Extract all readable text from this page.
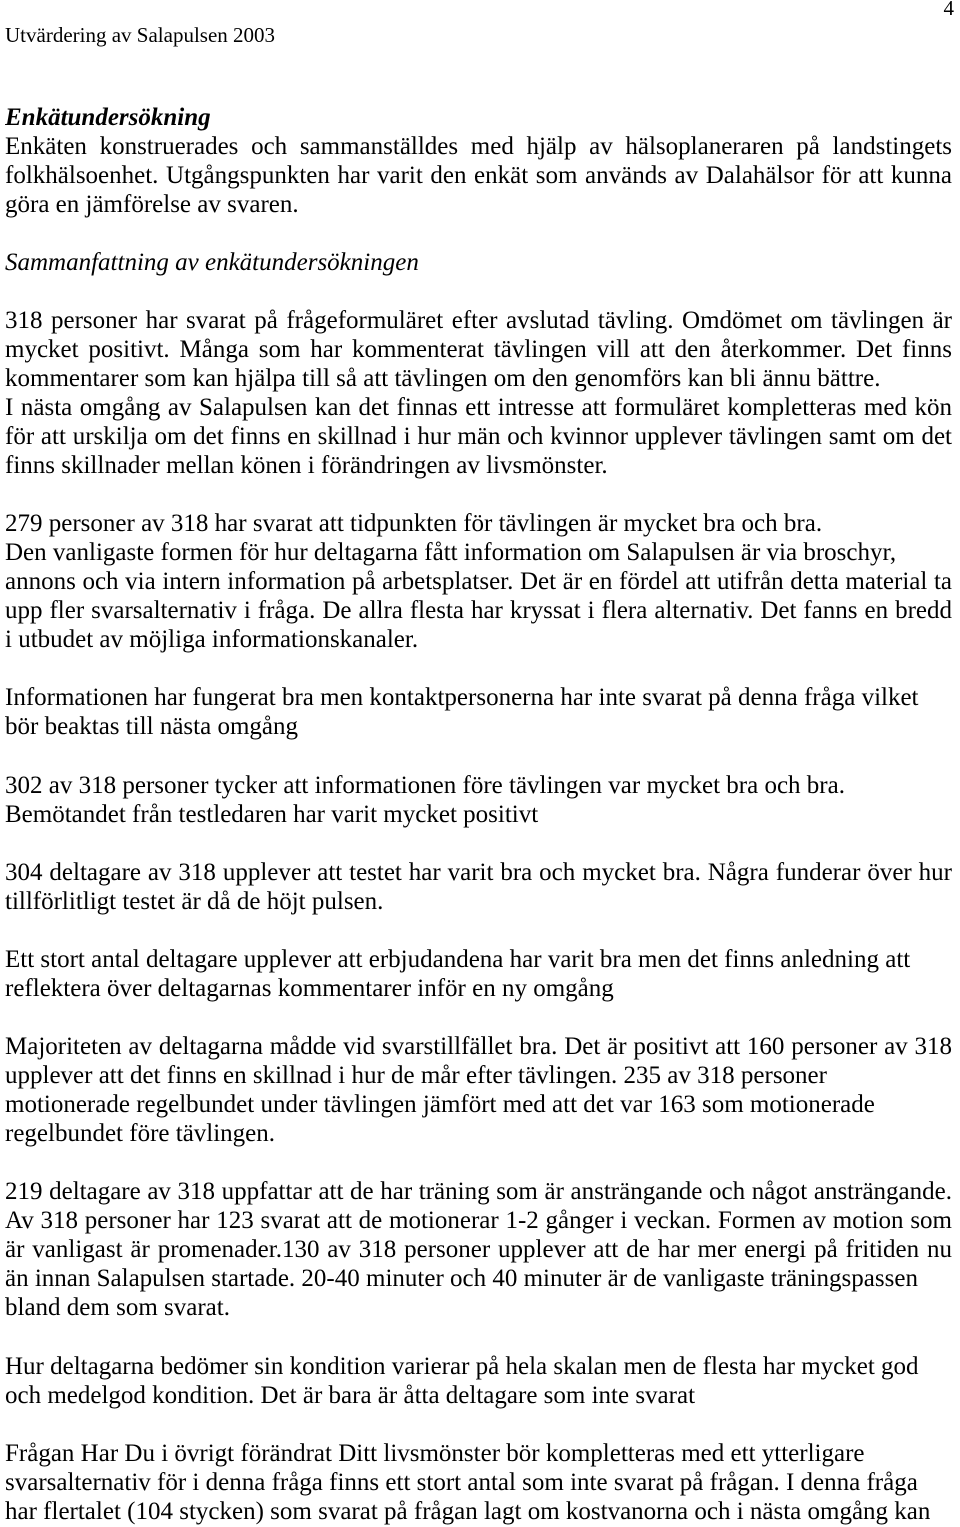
Utvärdering av Salapulsen 2003
4
Enkätundersökning
Enkäten konstruerades och sammanställdes med hjälp av hälsoplaneraren på landstingets
folkhälsoenhet. Utgångspunkten har varit den enkät som används av Dalahälsor för att kunna
göra en jämförelse av svaren.
Sammanfattning av enkätundersökningen
318 personer har svarat på frågeformuläret efter avslutad tävling. Omdömet om tävlingen är
mycket positivt. Många som har kommenterat tävlingen vill att den återkommer. Det finns
kommentarer som kan hjälpa till så att tävlingen om den genomförs kan bli ännu bättre.
I nästa omgång av Salapulsen kan det finnas ett intresse att formuläret kompletteras med kön
för att urskilja om det finns en skillnad i hur män och kvinnor upplever tävlingen samt om det
finns skillnader mellan könen i förändringen av livsmönster.
279 personer av 318 har svarat att tidpunkten för tävlingen är mycket bra och bra.
Den vanligaste formen för hur deltagarna fått information om Salapulsen är via broschyr,
annons och via intern information på arbetsplatser. Det är en fördel att utifrån detta material ta
upp fler svarsalternativ i fråga. De allra flesta har kryssat i flera alternativ. Det fanns en bredd
i utbudet av möjliga informationskanaler.
Informationen har fungerat bra men kontaktpersonerna har inte svarat på denna fråga vilket
bör beaktas till nästa omgång
302 av 318 personer tycker att informationen före tävlingen var mycket bra och bra.
Bemötandet från testledaren har varit mycket positivt
304 deltagare av 318 upplever att testet har varit bra och mycket bra. Några funderar över hur
tillförlitligt testet är då de höjt pulsen.
Ett stort antal deltagare upplever att erbjudandena har varit bra men det finns anledning att
reflektera över deltagarnas kommentarer inför en ny omgång
Majoriteten av deltagarna mådde vid svarstillfället bra. Det är positivt att 160 personer av 318
upplever att det finns en skillnad i hur de mår efter tävlingen. 235 av 318 personer
motionerade regelbundet under tävlingen jämfört med att det var 163 som motionerade
regelbundet före tävlingen.
219 deltagare av 318 uppfattar att de har träning som är ansträngande och något ansträngande.
Av 318 personer har 123 svarat att de motionerar 1-2 gånger i veckan. Formen av motion som
är vanligast är promenader.130 av 318 personer upplever att de har mer energi på fritiden nu
än innan Salapulsen startade. 20-40 minuter och 40 minuter är de vanligaste träningspassen
bland dem som svarat.
Hur deltagarna bedömer sin kondition varierar på hela skalan men de flesta har mycket god
och medelgod kondition. Det är bara är åtta deltagare som inte svarat
Frågan Har Du i övrigt förändrat Ditt livsmönster bör kompletteras med ett ytterligare
svarsalternativ för i denna fråga finns ett stort antal som inte svarat på frågan. I denna fråga
har flertalet (104 stycken) som svarat på frågan lagt om kostvanorna och i nästa omgång kan
